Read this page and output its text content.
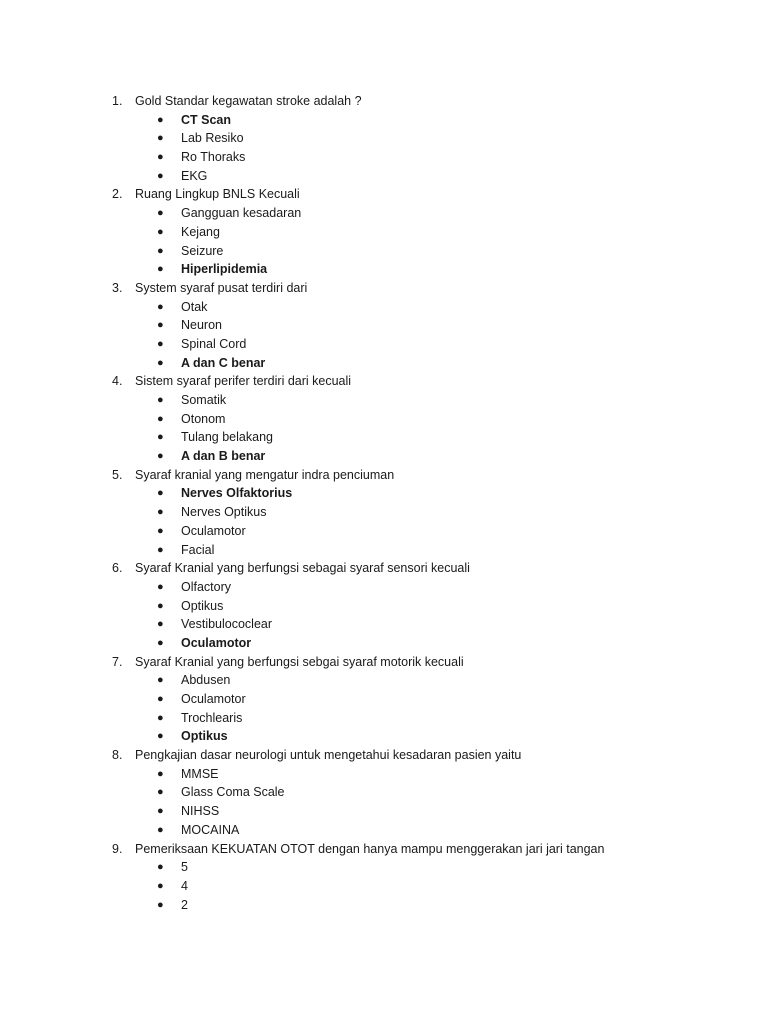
1.	Gold Standar kegawatan stroke adalah ?
● CT Scan
● Lab Resiko
● Ro Thoraks
● EKG
2.	Ruang Lingkup BNLS Kecuali
● Gangguan kesadaran
● Kejang
● Seizure
● Hiperlipidemia
3.	System syaraf pusat terdiri dari
● Otak
● Neuron
● Spinal Cord
● A dan C benar
4.	Sistem syaraf perifer terdiri dari kecuali
● Somatik
● Otonom
● Tulang belakang
● A dan B benar
5.	Syaraf kranial yang mengatur indra penciuman
● Nerves Olfaktorius
● Nerves Optikus
● Oculamotor
● Facial
6.	Syaraf Kranial yang berfungsi sebagai syaraf sensori kecuali
● Olfactory
● Optikus
● Vestibulococlear
● Oculamotor
7.	Syaraf Kranial yang berfungsi sebgai syaraf motorik kecuali
● Abdusen
● Oculamotor
● Trochlearis
● Optikus
8.	Pengkajian dasar neurologi untuk mengetahui kesadaran pasien yaitu
● MMSE
● Glass Coma Scale
● NIHSS
● MOCAINA
9.	Pemeriksaan KEKUATAN OTOT dengan hanya mampu menggerakan jari jari tangan
● 5
● 4
● 2
